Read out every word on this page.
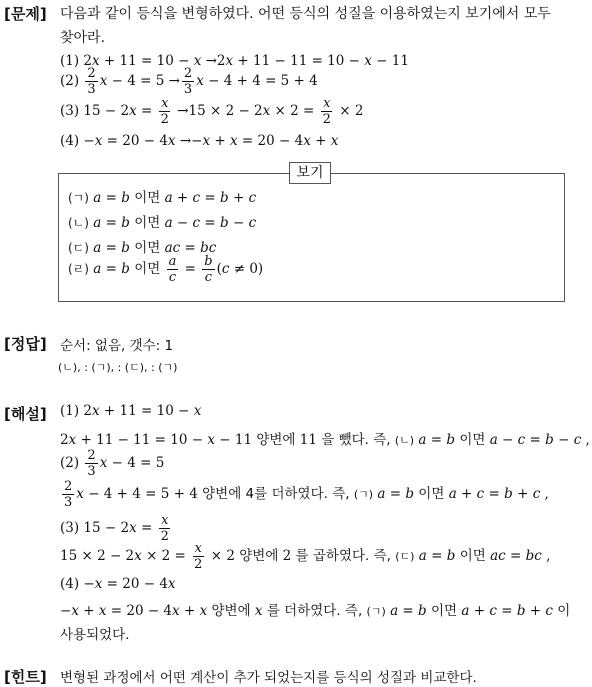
[문제] 다음과 같이 등식을 변형하였다. 어떤 등식의 성질을 이용하였는지 보기에서 모두
찾아라.
(1) 2x + 11 = 10 − x →2x + 11 − 11 = 10 − x − 11
$(2) \frac{2}{3}$ $x - 4 = 5 \to \frac{2}{3}$ x − 4 + 4 = 5 + 4
(3) $15 - 2x = \frac{x}{2} \to 15 \times 2 - 2x \times 2 = \frac{x}{2} \times 2$
(4) −x = 20 − 4x →−x + x = 20 − 4x + x
보기
(ㄱ) a = b 이면 a + c = b + c
(ㄴ) a = b 이면 a − c = b − c
(ㄷ) a = b 이면 ac = bc
(ㄹ) a = b 이면 $\frac{a}{c} = \frac{b}{c} (c \ne 0)$
[정답] 순서: 없음, 갯수: 1
(ㄴ), : (ㄱ), : (ㄷ), : (ㄱ)
[해설] (1) 2x + 11 = 10 − x
2x + 11 − 11 = 10 − x − 11 양변에 11 을 뺐다. 즉, (ㄴ) a = b 이면 a − c = b − c ,
$(2) \frac{2}{3}$ x − 4 = 5
$\frac{2}{3}$ x − 4 + 4 = 5 + 4 양변에 4를 더하였다. 즉, (ㄱ) a = b 이면 a + c = b + c ,
(3) $15 - 2x = \frac{x}{2}$
$15 \times 2 - 2x \times 2 = \frac{x}{2} \times 2$ 양변에 2 를 곱하였다. 즉, (ㄷ) a = b 이면 ac = bc ,
(4) −x = 20 − 4x
−x + x = 20 − 4x + x 양변에 x 를 더하였다. 즉, (ㄱ) a = b 이면 a + c = b + c 이
사용되었다.
[힌트] 변형된 과정에서 어떤 계산이 추가 되었는지를 등식의 성질과 비교한다.
